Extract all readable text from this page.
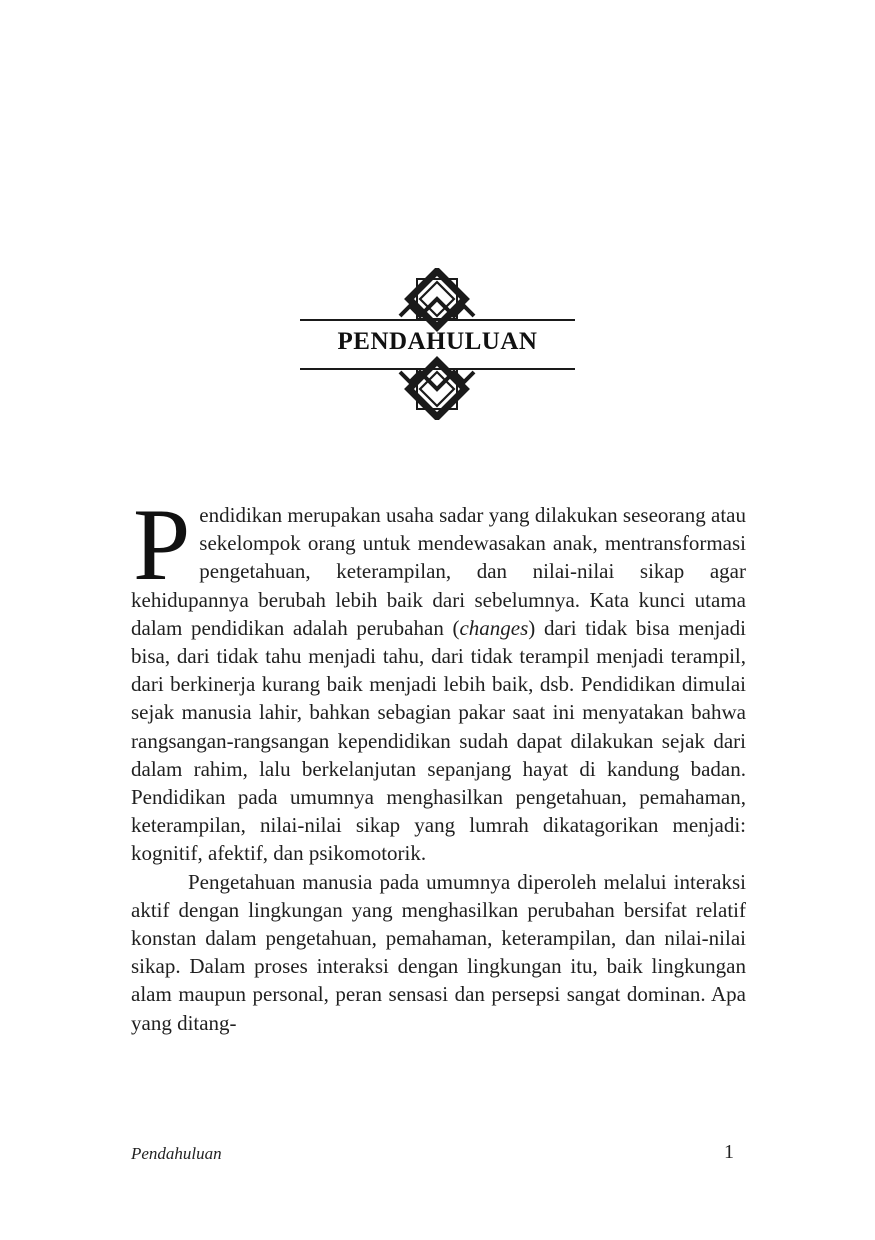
PENDAHULUAN

Pendidikan merupakan usaha sadar yang dilakukan seseorang atau sekelompok orang untuk mendewasakan anak, mentransformasi pengetahuan, keterampilan, dan nilai-nilai sikap agar kehidupannya berubah lebih baik dari sebelumnya. Kata kunci utama dalam pendidikan adalah perubahan (changes) dari tidak bisa menjadi bisa, dari tidak tahu menjadi tahu, dari tidak terampil menjadi terampil, dari berkinerja kurang baik menjadi lebih baik, dsb. Pendidikan dimulai sejak manusia lahir, bahkan sebagian pakar saat ini menyatakan bahwa rangsangan-rangsangan kependidikan sudah dapat dilakukan sejak dari dalam rahim, lalu berkelanjutan sepanjang hayat di kandung badan. Pendidikan pada umumnya menghasilkan pengetahuan, pemahaman, keterampilan, nilai-nilai sikap yang lumrah dikatagorikan menjadi: kognitif, afektif, dan psikomotorik.

Pengetahuan manusia pada umumnya diperoleh melalui interaksi aktif dengan lingkungan yang menghasilkan perubahan bersifat relatif konstan dalam pengetahuan, pemahaman, keterampilan, dan nilai-nilai sikap. Dalam proses interaksi dengan lingkungan itu, baik lingkungan alam maupun personal, peran sensasi dan persepsi sangat dominan. Apa yang ditang-

Pendahuluan	1
